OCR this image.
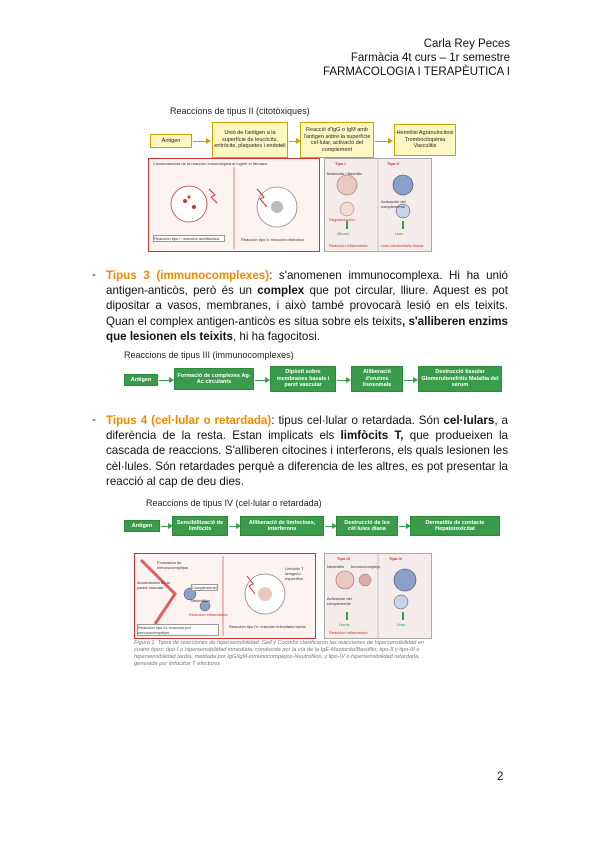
Carla Rey Peces
Farmàcia 4t curs – 1r semestre
FARMACOLOGIA I TERAPÈUTICA I
Reaccions de tipus II (citotòxiques)
Antigen
Unió de l'antigen a la superfície de leucòcits, eritròcits, plaquetes i endoteli
Reacció d'IgG o IgM amb l'antigen sobre la superfície cel·lular, activació del complement
Hemòlisi Agranulocitosi Trombocitopènia Vasculitis
Consecuencias de la reacción inmunológica al ingerir el fármaco
Reacción tipo I: reacción anafiláctica	Reacción tipo II: reacción citotóxica
Tipo I	Tipo II
Mastocito / Basófilo
Degranulación
Mitosis
Reacción inflamatoria
Activación del complemento
Lisis
Lisis celular/daño tisular
- Tipus 3 (immunocomplexes): s'anomenen immunocomplexa. Hi ha unió antigen-anticòs, però és un complex que pot circular, lliure. Aquest es pot dipositar a vasos, membranes, i això també provocarà lesió en els teixits. Quan el complex antigen-anticòs es situa sobre els teixits, s'alliberen enzims que lesionen els teixits, hi ha fagocitosi.
Reaccions de tipus III (immunocomplexes)
Antigen
Formació de complexes Ag-Ac circulants
Dipòsit sobre membranes basals i paret vascular
Alliberació d'enzims lisosomals
Destrucció tissular Glomerulonefritis Malaltia del sèrum
- Tipus 4 (cel·lular o retardada): tipus cel·lular o retardada. Són cel·lulars, a diferència de la resta. Estan implicats els limfòcits T, que produeixen la cascada de reaccions. S'alliberen citocines i interferons, els quals lesionen les cèl·lules. Són retardades perquè a diferencia de les altres, es pot presentar la reacció al cap de deu dies.
Reaccions de tipus IV (cel·lular o retardada)
Antigen
Sensibilització de limfòcits
Alliberació de limfocines, interferons
Destrucció de les cèl·lules diana
Dermatitis de contacte Hepatotoxicitat
Formación de inmunocomplejos
Acumulación en la pared vascular	Complemento
Neutrófilos
Reacción inflamatoria
Reacción tipo III: reacción por inmunocomplejos
Linfocito T antígeno específico
Reacción tipo IV: reacción linfocitaria tardía
Tipo III	Tipo IV
Neutrófilo Inmunocomplejo
Activación del complemento
Reacción inflamatoria
Horas	Días
Figura 1. Tipos de reacciones de hipersensibilidad. Gell y Coombs clasificaron las reacciones de hipersensibilidad en cuatro tipos: tipo-I o hipersensibilidad inmediata, conducida por la vía de la IgE-Mastocito/Basófilo; tipo-II y tipo-III o hipersensibilidad tardía, mediada por IgG/IgM-inmunocomplejos-Neutrófilos, y tipo-IV o hipersensibilidad retardada, generada por linfocitos T efectores
2
